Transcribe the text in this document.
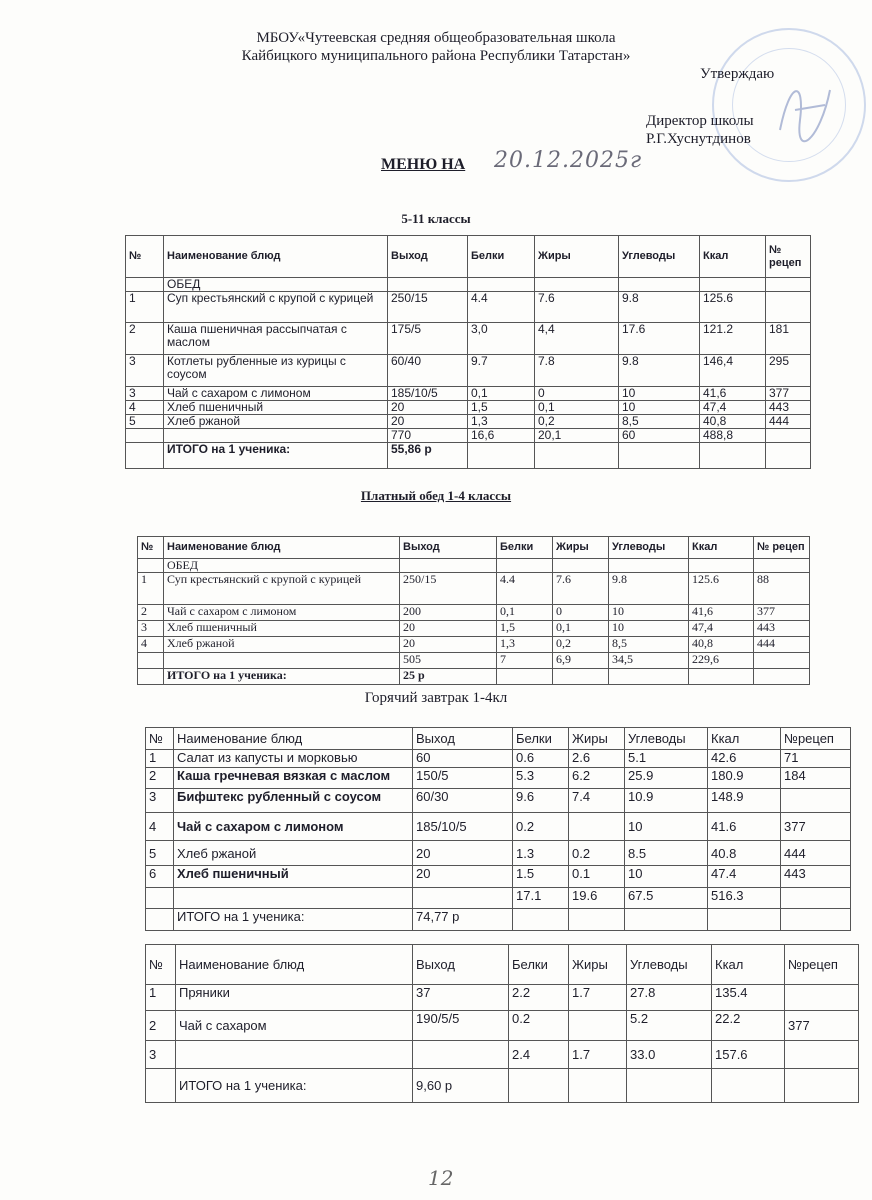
МБОУ«Чутеевская средняя общеобразовательная школа
Кайбицкого муниципального района Республики Татарстан»
Утверждаю
Директор школы
Р.Г.Хуснутдинов
МЕНЮ НА 20.12.2025г
5-11 классы
№	Наименование блюд	Выход	Белки	Жиры	Углеводы	Ккал	№ рецеп
	ОБЕД						
1	Суп крестьянский с крупой с курицей	250/15	4.4	7.6	9.8	125.6	
2	Каша пшеничная рассыпчатая с маслом	175/5	3,0	4,4	17.6	121.2	181
3	Котлеты рубленные из курицы с соусом	60/40	9.7	7.8	9.8	146,4	295
3	Чай с сахаром с лимоном	185/10/5	0,1	0	10	41,6	377
4	Хлеб пшеничный	20	1,5	0,1	10	47,4	443
5	Хлеб ржаной	20	1,3	0,2	8,5	40,8	444
		770	16,6	20,1	60	488,8	
	ИТОГО на 1 ученика:	55,86 р					
Платный обед 1-4 классы
№	Наименование блюд	Выход	Белки	Жиры	Углеводы	Ккал	№ рецеп
	ОБЕД						
1	Суп крестьянский с крупой с курицей	250/15	4.4	7.6	9.8	125.6	88
2	Чай с сахаром с лимоном	200	0,1	0	10	41,6	377
3	Хлеб пшеничный	20	1,5	0,1	10	47,4	443
4	Хлеб ржаной	20	1,3	0,2	8,5	40,8	444
		505	7	6,9	34,5	229,6	
	ИТОГО на 1 ученика:	25 р					
Горячий завтрак 1-4кл
№	Наименование блюд	Выход	Белки	Жиры	Углеводы	Ккал	№рецеп
1	Салат из капусты и морковью	60	0.6	2.6	5.1	42.6	71
2	Каша гречневая вязкая с маслом	150/5	5.3	6.2	25.9	180.9	184
3	Бифштекс рубленный с соусом	60/30	9.6	7.4	10.9	148.9	
4	Чай с сахаром с лимоном	185/10/5	0.2		10	41.6	377
5	Хлеб ржаной	20	1.3	0.2	8.5	40.8	444
6	Хлеб пшеничный	20	1.5	0.1	10	47.4	443
			17.1	19.6	67.5	516.3	
	ИТОГО на 1 ученика:	74,77 р					
№	Наименование блюд	Выход	Белки	Жиры	Углеводы	Ккал	№рецеп
1	Пряники	37	2.2	1.7	27.8	135.4	
2	Чай с сахаром	190/5/5	0.2		5.2	22.2	377
3			2.4	1.7	33.0	157.6	
	ИТОГО на 1 ученика:	9,60 р					
12
